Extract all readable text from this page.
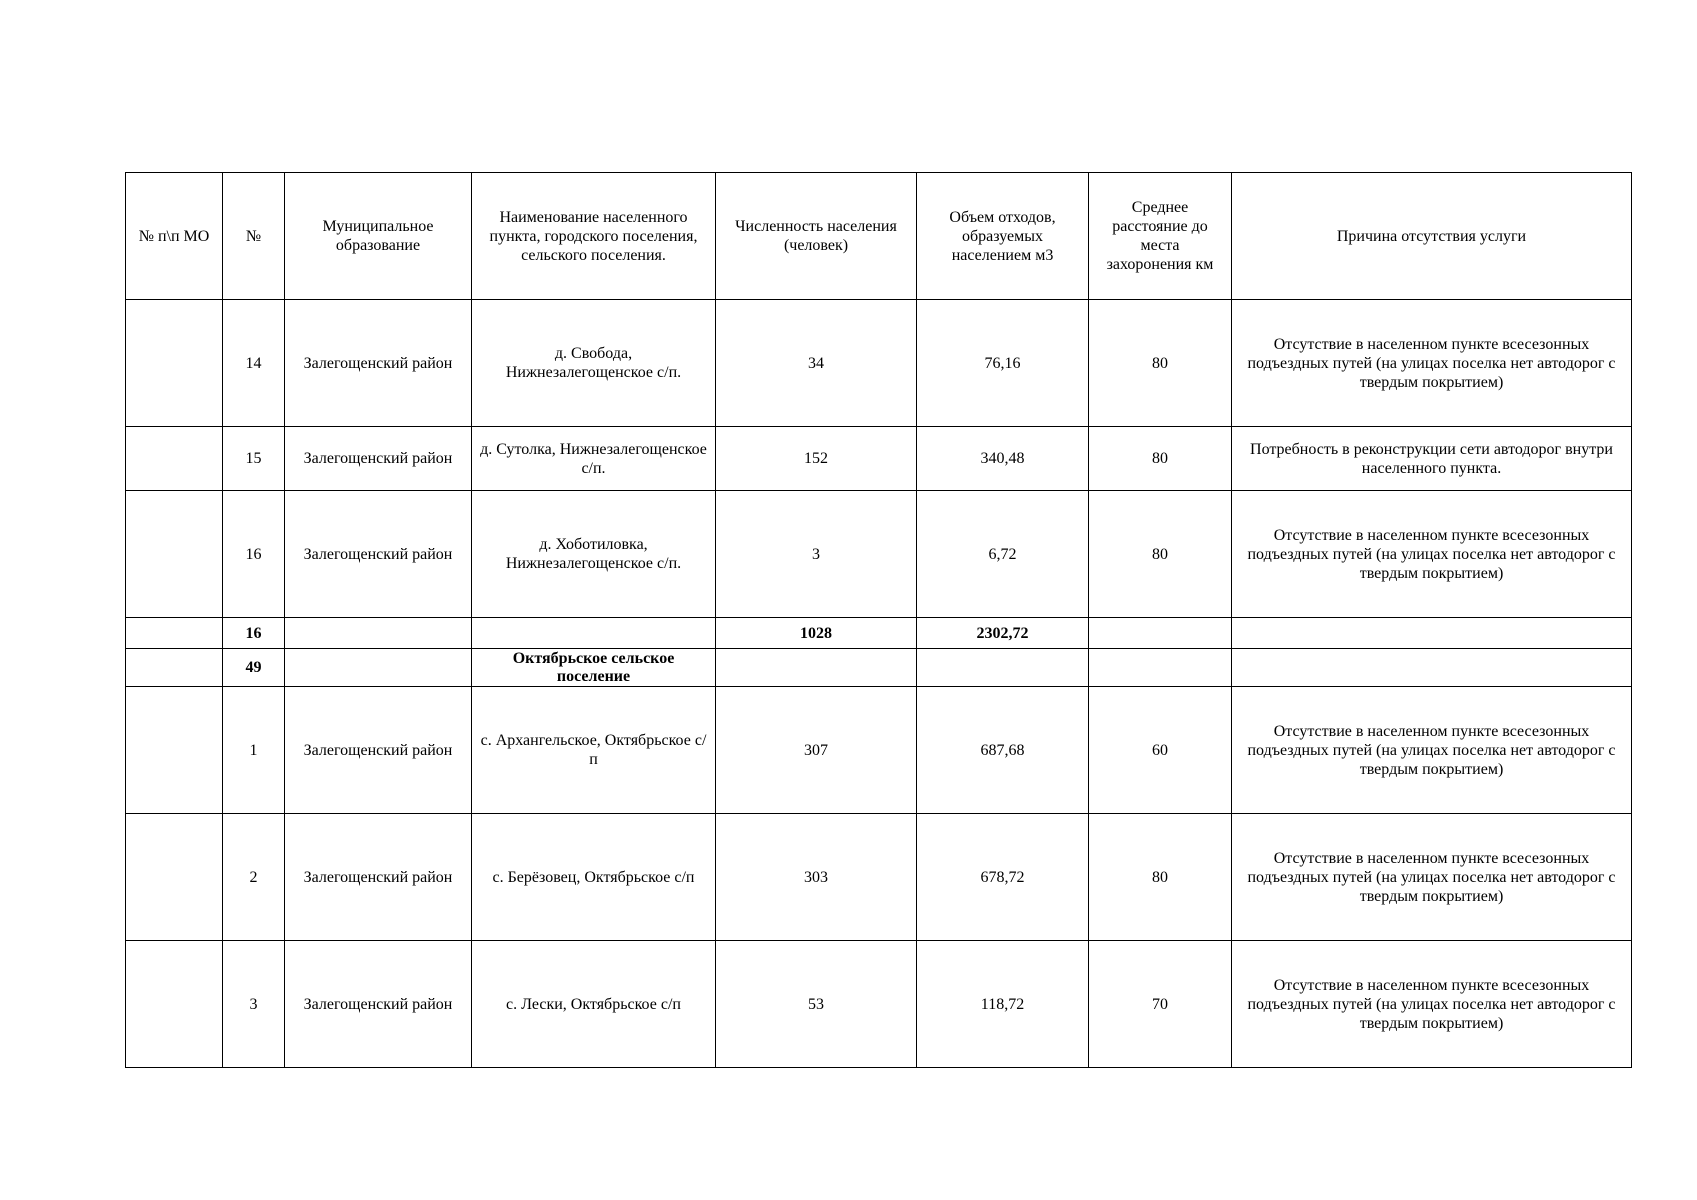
№ п\п МО	№	Муниципальное образование	Наименование населенного пункта, городского поселения, сельского поселения.	Численность населения (человек)	Объем отходов, образуемых населением м3	Среднее расстояние до места захоронения км	Причина отсутствия услуги
	14	Залегощенский район	д. Свобода, Нижнезалегощенское с/п.	34	76,16	80	Отсутствие в населенном пункте всесезонных подъездных путей (на улицах поселка нет автодорог с твердым покрытием)
	15	Залегощенский район	д. Сутолка, Нижнезалегощенское с/п.	152	340,48	80	Потребность в реконструкции сети автодорог внутри населенного пункта.
	16	Залегощенский район	д. Хоботиловка, Нижнезалегощенское с/п.	3	6,72	80	Отсутствие в населенном пункте всесезонных подъездных путей (на улицах поселка нет автодорог с твердым покрытием)
	16			1028	2302,72		
	49		Октябрьское сельское поселение				
	1	Залегощенский район	с. Архангельское, Октябрьское с/п	307	687,68	60	Отсутствие в населенном пункте всесезонных подъездных путей (на улицах поселка нет автодорог с твердым покрытием)
	2	Залегощенский район	с. Берёзовец, Октябрьское с/п	303	678,72	80	Отсутствие в населенном пункте всесезонных подъездных путей (на улицах поселка нет автодорог с твердым покрытием)
	3	Залегощенский район	с. Лески, Октябрьское с/п	53	118,72	70	Отсутствие в населенном пункте всесезонных подъездных путей (на улицах поселка нет автодорог с твердым покрытием)
